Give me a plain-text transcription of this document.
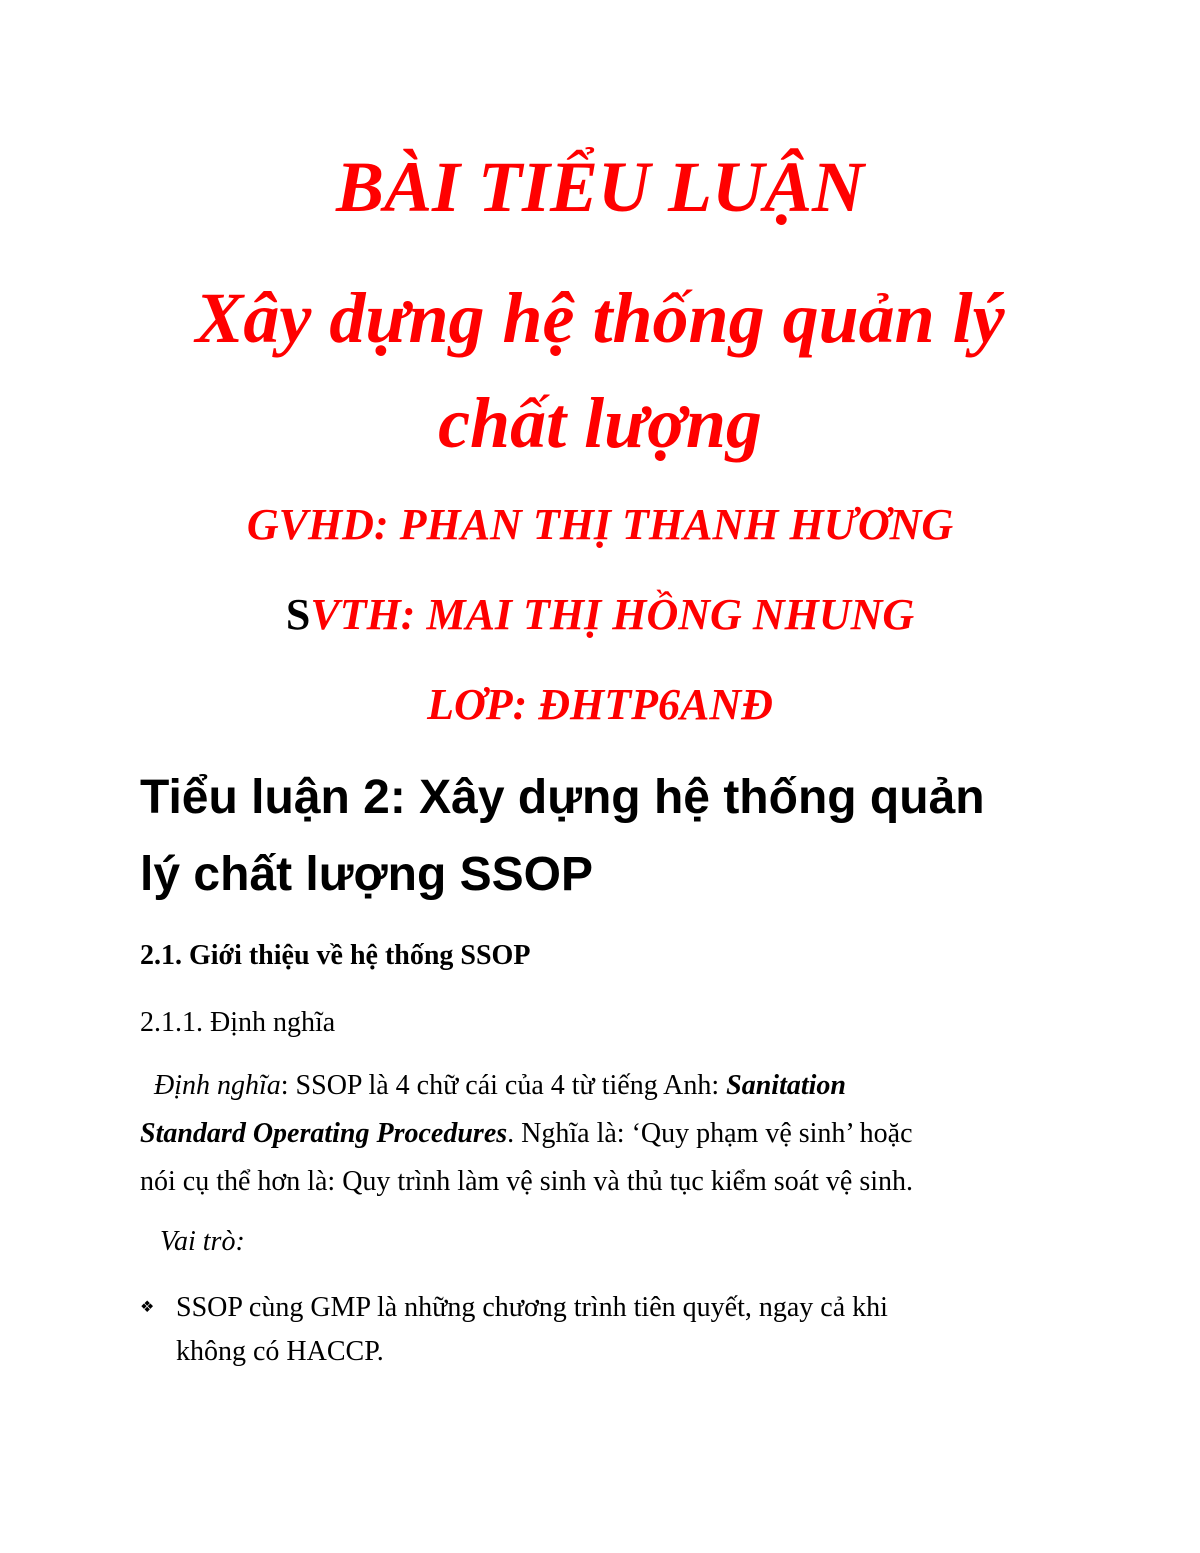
BÀI TIỂU LUẬN
Xây dựng hệ thống quản lý
chất lượng
GVHD: PHAN THỊ THANH HƯƠNG
SVTH: MAI THỊ HỒNG NHUNG
LƠP: ĐHTP6ANĐ
Tiểu luận 2: Xây dựng hệ thống quản
lý chất lượng SSOP
2.1. Giới thiệu về hệ thống SSOP
2.1.1. Định nghĩa
Định nghĩa: SSOP là 4 chữ cái của 4 từ tiếng Anh: Sanitation
Standard Operating Procedures. Nghĩa là: ‘Quy phạm vệ sinh’ hoặc
nói cụ thể hơn là: Quy trình làm vệ sinh và thủ tục kiểm soát vệ sinh.
Vai trò:
❖ SSOP cùng GMP là những chương trình tiên quyết, ngay cả khi
không có HACCP.
